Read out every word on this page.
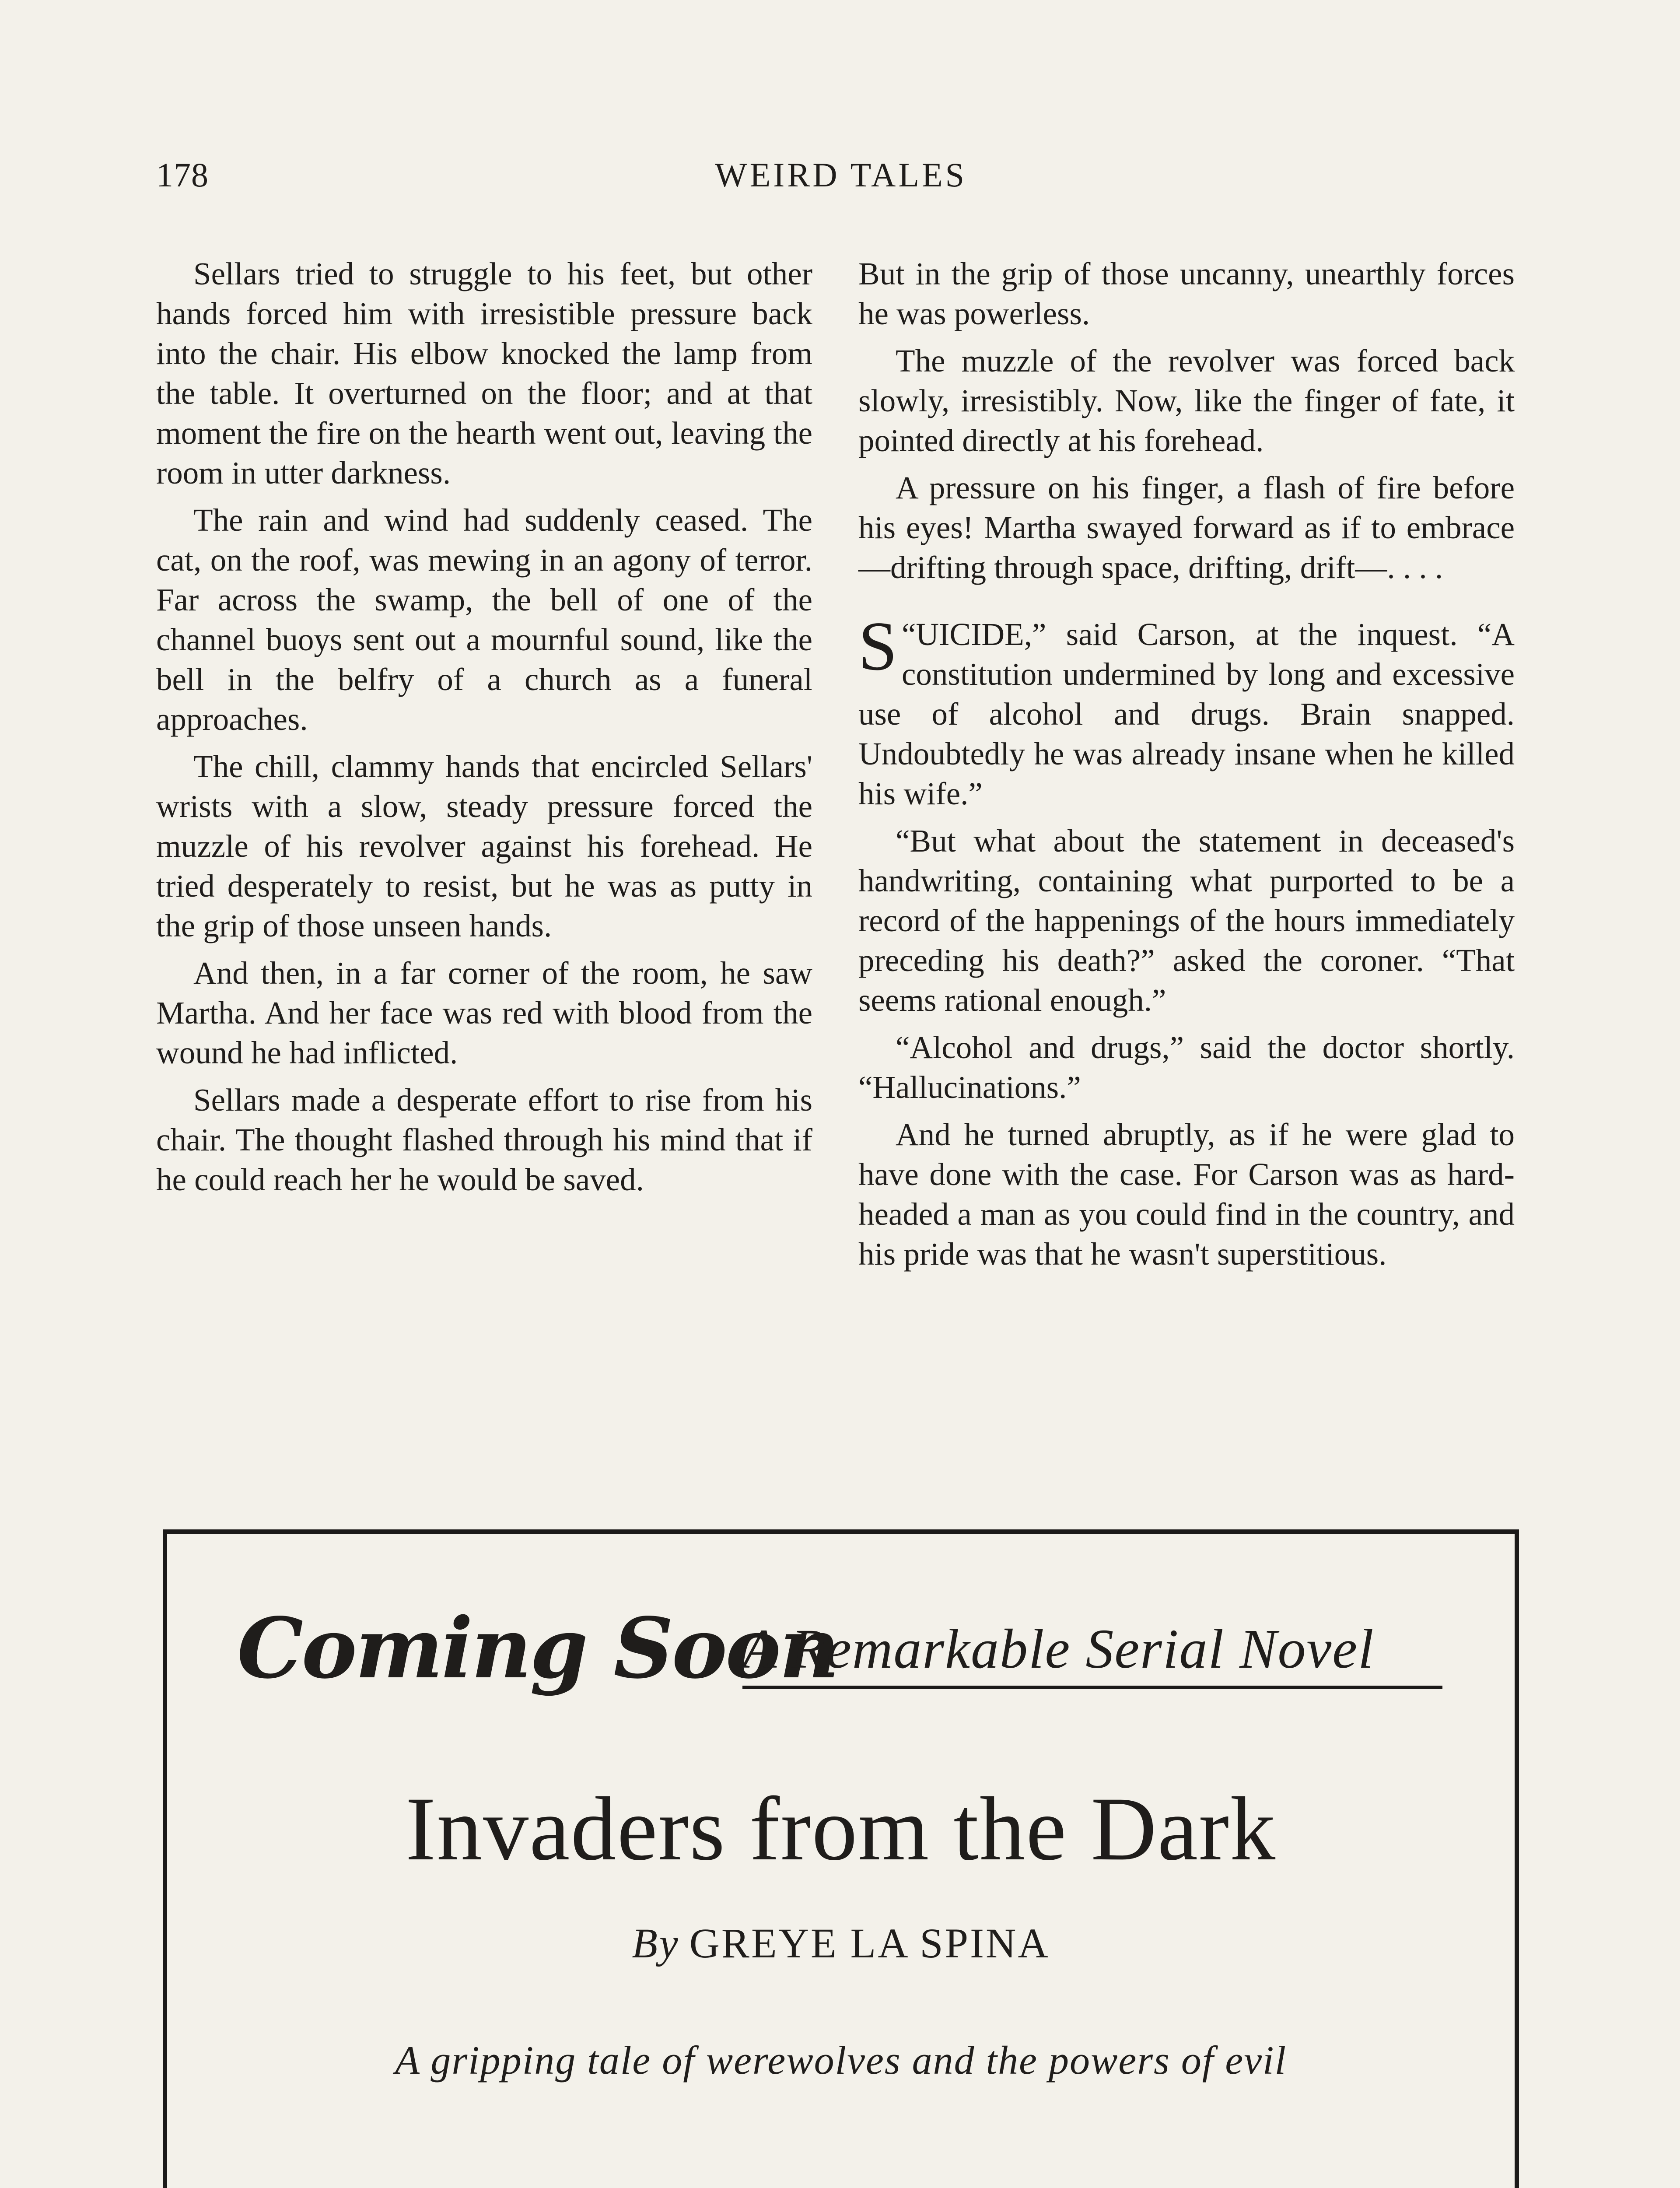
178	WEIRD TALES

Sellars tried to struggle to his feet, but other hands forced him with irresistible pressure back into the chair. His elbow knocked the lamp from the table. It overturned on the floor; and at that moment the fire on the hearth went out, leaving the room in utter darkness.

The rain and wind had suddenly ceased. The cat, on the roof, was mewing in an agony of terror. Far across the swamp, the bell of one of the channel buoys sent out a mournful sound, like the bell in the belfry of a church as a funeral approaches.

The chill, clammy hands that encircled Sellars' wrists with a slow, steady pressure forced the muzzle of his revolver against his forehead. He tried desperately to resist, but he was as putty in the grip of those unseen hands.

And then, in a far corner of the room, he saw Martha. And her face was red with blood from the wound he had inflicted.

Sellars made a desperate effort to rise from his chair. The thought flashed through his mind that if he could reach her he would be saved.

But in the grip of those uncanny, unearthly forces he was powerless.

The muzzle of the revolver was forced back slowly, irresistibly. Now, like the finger of fate, it pointed directly at his forehead.

A pressure on his finger, a flash of fire before his eyes! Martha swayed forward as if to embrace—drifting through space, drifting, drift—. . . .

“
S UICIDE,” said Carson, at the inquest. “A constitution undermined by long and excessive use of alcohol and drugs. Brain snapped. Undoubtedly he was already insane when he killed his wife.”

“But what about the statement in deceased's handwriting, containing what purported to be a record of the happenings of the hours immediately preceding his death?” asked the coroner. “That seems rational enough.”

“Alcohol and drugs,” said the doctor shortly. “Hallucinations.”

And he turned abruptly, as if he were glad to have done with the case. For Carson was as hard-headed a man as you could find in the country, and his pride was that he wasn't superstitious.

Coming Soon
A Remarkable Serial Novel
Invaders from the Dark
By GREYE LA SPINA
A gripping tale of werewolves and the powers of evil
